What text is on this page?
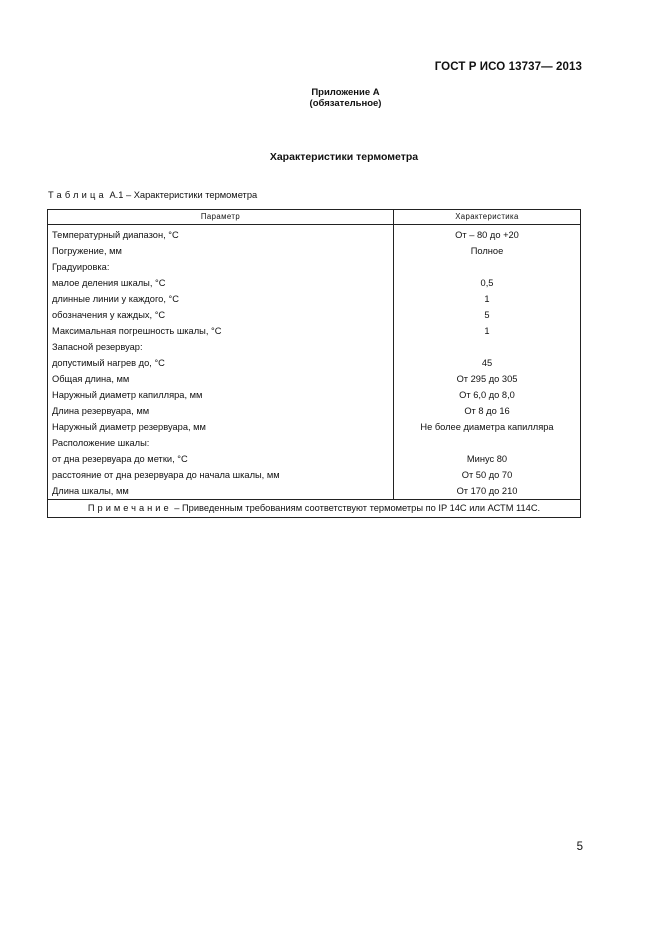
ГОСТ Р ИСО 13737— 2013
Приложение А
(обязательное)
Характеристики термометра
Таблица А.1 – Характеристики термометра
Параметр	Характеристика

Температурный диапазон, °С	От – 80 до +20
Погружение, мм	Полное
Градуировка:	
малое деления шкалы, °С	0,5
длинные линии у каждого, °С	1
обозначения у каждых, °С	5
Максимальная погрешность шкалы, °С	1
Запасной резервуар:	
допустимый нагрев до, °С	45
Общая длина, мм	От 295 до 305
Наружный диаметр капилляра, мм	От 6,0 до 8,0
Длина резервуара, мм	От 8 до 16
Наружный диаметр резервуара, мм	Не более диаметра капилляра
Расположение шкалы:	
от дна резервуара до метки, °С	Минус 80
расстояние от дна резервуара до начала шкалы, мм	От 50 до 70
Длина шкалы, мм	От 170 до 210
Примечание – Приведенным требованиям соответствуют термометры по IP 14C или АСТМ 114C.	
5
